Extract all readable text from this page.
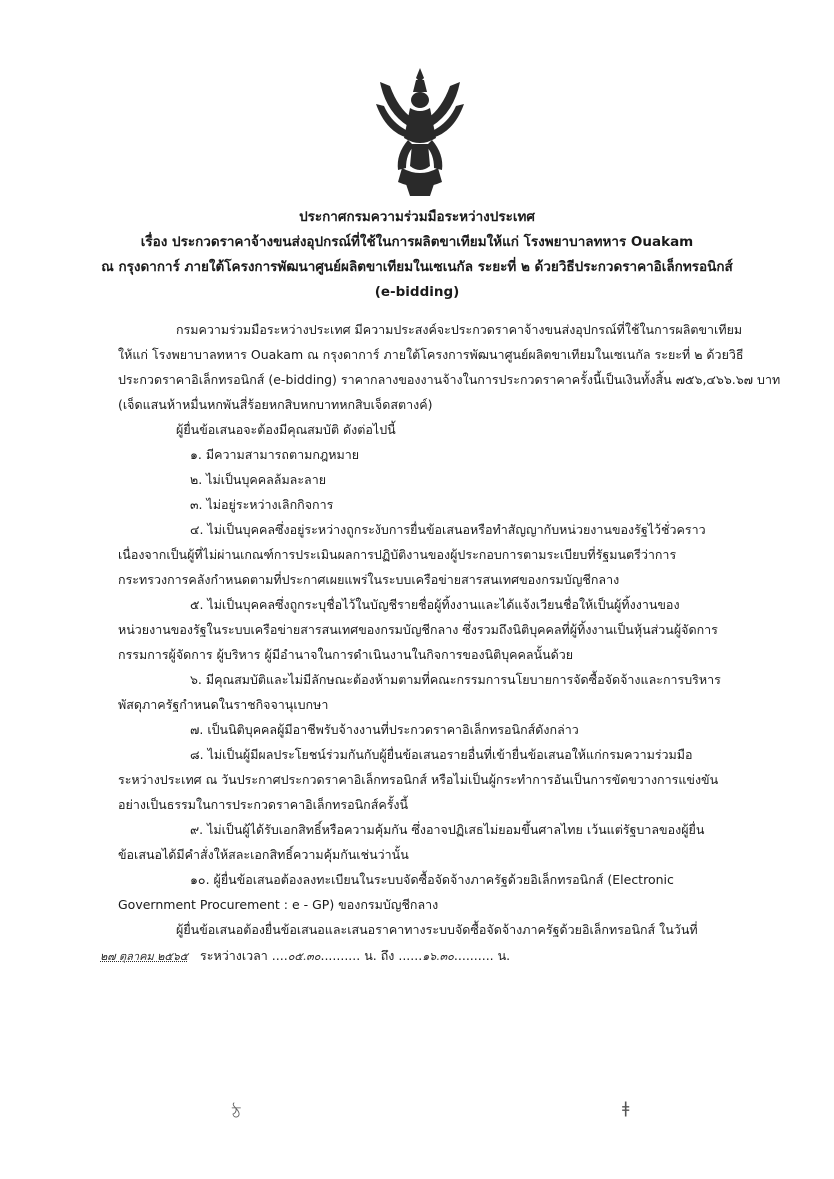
ประกาศกรมความร่วมมือระหว่างประเทศ
เรื่อง ประกวดราคาจ้างขนส่งอุปกรณ์ที่ใช้ในการผลิตขาเทียมให้แก่ โรงพยาบาลทหาร Ouakam
ณ กรุงดาการ์ ภายใต้โครงการพัฒนาศูนย์ผลิตขาเทียมในเซเนกัล ระยะที่ ๒ ด้วยวิธีประกวดราคาอิเล็กทรอนิกส์
(e-bidding)
กรมความร่วมมือระหว่างประเทศ มีความประสงค์จะประกวดราคาจ้างขนส่งอุปกรณ์ที่ใช้ในการผลิตขาเทียม
ให้แก่ โรงพยาบาลทหาร Ouakam ณ กรุงดาการ์ ภายใต้โครงการพัฒนาศูนย์ผลิตขาเทียมในเซเนกัล ระยะที่ ๒ ด้วยวิธี
ประกวดราคาอิเล็กทรอนิกส์ (e-bidding) ราคากลางของงานจ้างในการประกวดราคาครั้งนี้เป็นเงินทั้งสิ้น ๗๕๖,๔๖๖.๖๗ บาท
(เจ็ดแสนห้าหมื่นหกพันสี่ร้อยหกสิบหกบาทหกสิบเจ็ดสตางค์)
ผู้ยื่นข้อเสนอจะต้องมีคุณสมบัติ ดังต่อไปนี้
๑. มีความสามารถตามกฎหมาย
๒. ไม่เป็นบุคคลล้มละลาย
๓. ไม่อยู่ระหว่างเลิกกิจการ
๔. ไม่เป็นบุคคลซึ่งอยู่ระหว่างถูกระงับการยื่นข้อเสนอหรือทำสัญญากับหน่วยงานของรัฐไว้ชั่วคราว
เนื่องจากเป็นผู้ที่ไม่ผ่านเกณฑ์การประเมินผลการปฏิบัติงานของผู้ประกอบการตามระเบียบที่รัฐมนตรีว่าการ
กระทรวงการคลังกำหนดตามที่ประกาศเผยแพร่ในระบบเครือข่ายสารสนเทศของกรมบัญชีกลาง
๕. ไม่เป็นบุคคลซึ่งถูกระบุชื่อไว้ในบัญชีรายชื่อผู้ทิ้งงานและได้แจ้งเวียนชื่อให้เป็นผู้ทิ้งงานของ
หน่วยงานของรัฐในระบบเครือข่ายสารสนเทศของกรมบัญชีกลาง ซึ่งรวมถึงนิติบุคคลที่ผู้ทิ้งงานเป็นหุ้นส่วนผู้จัดการ
กรรมการผู้จัดการ ผู้บริหาร ผู้มีอำนาจในการดำเนินงานในกิจการของนิติบุคคลนั้นด้วย
๖. มีคุณสมบัติและไม่มีลักษณะต้องห้ามตามที่คณะกรรมการนโยบายการจัดซื้อจัดจ้างและการบริหาร
พัสดุภาครัฐกำหนดในราชกิจจานุเบกษา
๗. เป็นนิติบุคคลผู้มีอาชีพรับจ้างงานที่ประกวดราคาอิเล็กทรอนิกส์ดังกล่าว
๘. ไม่เป็นผู้มีผลประโยชน์ร่วมกันกับผู้ยื่นข้อเสนอรายอื่นที่เข้ายื่นข้อเสนอให้แก่กรมความร่วมมือ
ระหว่างประเทศ ณ วันประกาศประกวดราคาอิเล็กทรอนิกส์ หรือไม่เป็นผู้กระทำการอันเป็นการขัดขวางการแข่งขัน
อย่างเป็นธรรมในการประกวดราคาอิเล็กทรอนิกส์ครั้งนี้
๙. ไม่เป็นผู้ได้รับเอกสิทธิ์หรือความคุ้มกัน ซึ่งอาจปฏิเสธไม่ยอมขึ้นศาลไทย เว้นแต่รัฐบาลของผู้ยื่น
ข้อเสนอได้มีคำสั่งให้สละเอกสิทธิ์ความคุ้มกันเช่นว่านั้น
๑๐. ผู้ยื่นข้อเสนอต้องลงทะเบียนในระบบจัดซื้อจัดจ้างภาครัฐด้วยอิเล็กทรอนิกส์ (Electronic
Government Procurement : e - GP) ของกรมบัญชีกลาง
ผู้ยื่นข้อเสนอต้องยื่นข้อเสนอและเสนอราคาทางระบบจัดซื้อจัดจ้างภาครัฐด้วยอิเล็กทรอนิกส์ ในวันที่
๒๗ ตุลาคม ๒๕๖๕ ระหว่างเวลา ....๐๕.๓๐.......... น. ถึง ......๑๖.๓๐.......... น.
ঠ	ǂ
